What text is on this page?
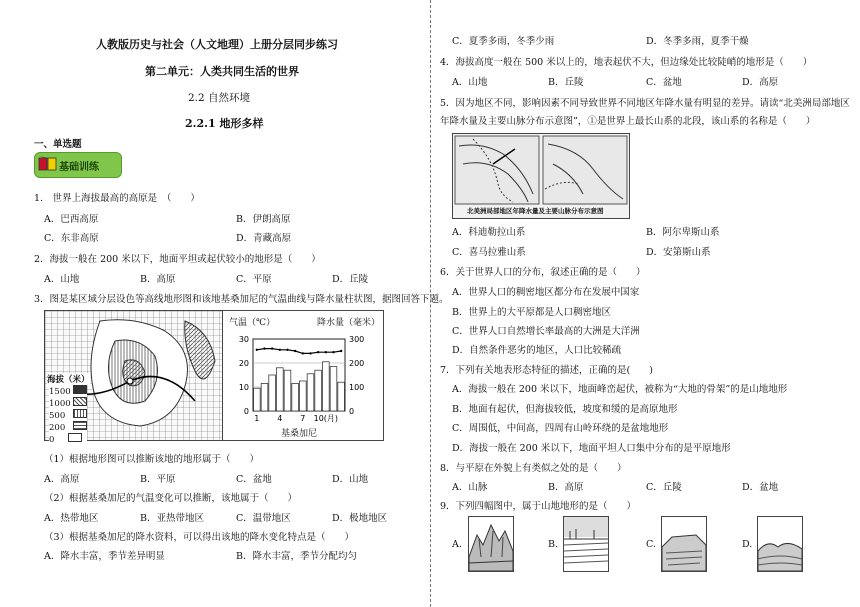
人教版历史与社会（人文地理）上册分层同步练习
第二单元：人类共同生活的世界
2.2 自然环境
2.2.1 地形多样
一、单选题
基础训练
1.　世界上海拔最高的高原是　（　　）
A．巴西高原	B．伊朗高原
C．东非高原	D．青藏高原
2．海拔一般在 200 米以下，地面平坦或起伏较小的地形是（　　）
A．山地	B．高原	C．平原	D．丘陵
3．图是某区域分层设色等高线地形图和该地基桑加尼的气温曲线与降水量柱状图，据图回答下题。
海拔（米）
1500
1000
500
200
0
气温（℃）	降水量（毫米）
30	300
20	200
10	100
0	0
1 4 7 10(月)
基桑加尼
（1）根据地形图可以推断该地的地形属于（　　）
A．高原	B．平原	C．盆地	D．山地
（2）根据基桑加尼的气温变化可以推断，该地属于（　　）
A．热带地区	B．亚热带地区	C．温带地区	D．极地地区
（3）根据基桑加尼的降水资料，可以得出该地的降水变化特点是（　　）
A．降水丰富，季节差异明显	B．降水丰富，季节分配均匀
C．夏季多雨，冬季少雨	D．冬季多雨，夏季干燥
4．海拔高度一般在 500 米以上的，地表起伏不大，但边缘处比较陡峭的地形是（　　）
A．山地	B．丘陵	C．盆地	D．高原
5．因为地区不同，影响因素不同导致世界不同地区年降水量有明显的差异。请读“北美洲局部地区
年降水量及主要山脉分布示意图”，①是世界上最长山系的北段，该山系的名称是（　　）
北美洲局部地区年降水量及主要山脉分布示意图
A．科迪勒拉山系	B．阿尔卑斯山系
C．喜马拉雅山系	D．安第斯山系
6．关于世界人口的分布，叙述正确的是（　　）
A．世界人口的稠密地区都分布在发展中国家
B．世界上的大平原都是人口稠密地区
C．世界人口自然增长率最高的大洲是大洋洲
D．自然条件恶劣的地区，人口比较稀疏
7．下列有关地表形态特征的描述，正确的是(　　)
A．海拔一般在 200 米以下，地面峰峦起伏，被称为“大地的骨架”的是山地地形
B．地面有起伏，但海拔较低，坡度和缓的是高原地形
C．周围低，中间高，四周有山岭环绕的是盆地地形
D．海拔一般在 200 米以下，地面平坦人口集中分布的是平原地形
8．与平原在外貌上有类似之处的是（　　）
A．山脉	B．高原	C．丘陵	D．盆地
9．下列四幅图中，属于山地地形的是（　　）
A.	B.	C.	D.
